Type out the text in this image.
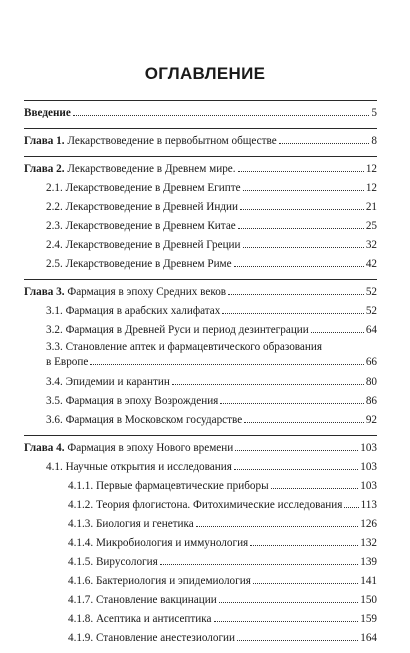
ОГЛАВЛЕНИЕ
Введение	5
Глава 1. Лекарствоведение в первобытном обществе	8
Глава 2. Лекарствоведение в Древнем мире.	12
2.1. Лекарствоведение в Древнем Египте	12
2.2. Лекарствоведение в Древней Индии	21
2.3. Лекарствоведение в Древнем Китае	25
2.4. Лекарствоведение в Древней Греции	32
2.5. Лекарствоведение в Древнем Риме	42
Глава 3. Фармация в эпоху Средних веков	52
3.1. Фармация в арабских халифатах	52
3.2. Фармация в Древней Руси и период дезинтеграции	64
3.3. Становление аптек и фармацевтического образования
в Европе	66
3.4. Эпидемии и карантин	80
3.5. Фармация в эпоху Возрождения	86
3.6. Фармация в Московском государстве	92
Глава 4. Фармация в эпоху Нового времени	103
4.1. Научные открытия и исследования	103
4.1.1. Первые фармацевтические приборы	103
4.1.2. Теория флогистона. Фитохимические исследования 113
4.1.3. Биология и генетика	126
4.1.4. Микробиология и иммунология	132
4.1.5. Вирусология	139
4.1.6. Бактериология и эпидемиология	141
4.1.7. Становление вакцинации	150
4.1.8. Асептика и антисептика	159
4.1.9. Становление анестезиологии	164
